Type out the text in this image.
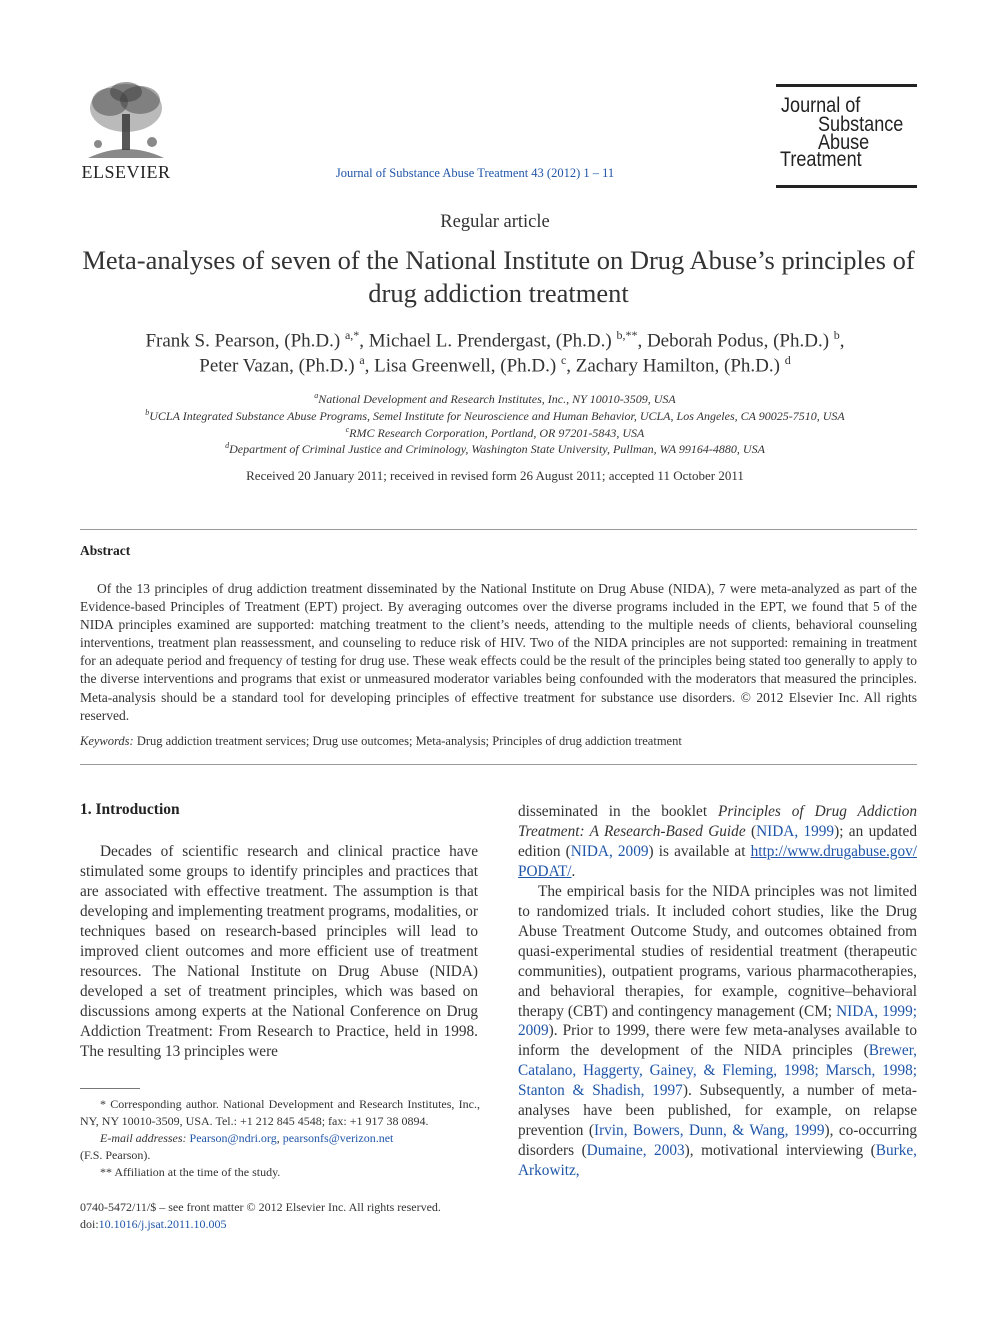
ELSEVIER	Journal of Substance Abuse Treatment 43 (2012) 1 – 11
Journal of
Substance
Abuse
Treatment
Regular article
Meta-analyses of seven of the National Institute on Drug Abuse’s principles of drug addiction treatment
Frank S. Pearson, (Ph.D.) $^{a,*}$, Michael L. Prendergast, (Ph.D.) $^{b,**}$, Deborah Podus, (Ph.D.) $^b$,
Peter Vazan, (Ph.D.) $^a$, Lisa Greenwell, (Ph.D.) $^c$, Zachary Hamilton, (Ph.D.) $^d$
$^a$National Development and Research Institutes, Inc., NY 10010-3509, USA
$^b$UCLA Integrated Substance Abuse Programs, Semel Institute for Neuroscience and Human Behavior, UCLA, Los Angeles, CA 90025-7510, USA
$^c$RMC Research Corporation, Portland, OR 97201-5843, USA
$^d$Department of Criminal Justice and Criminology, Washington State University, Pullman, WA 99164-4880, USA
Received 20 January 2011; received in revised form 26 August 2011; accepted 11 October 2011
Abstract
Of the 13 principles of drug addiction treatment disseminated by the National Institute on Drug Abuse (NIDA), 7 were meta-analyzed as part of the Evidence-based Principles of Treatment (EPT) project. By averaging outcomes over the diverse programs included in the EPT, we found that 5 of the NIDA principles examined are supported: matching treatment to the client’s needs, attending to the multiple needs of clients, behavioral counseling interventions, treatment plan reassessment, and counseling to reduce risk of HIV. Two of the NIDA principles are not supported: remaining in treatment for an adequate period and frequency of testing for drug use. These weak effects could be the result of the principles being stated too generally to apply to the diverse interventions and programs that exist or unmeasured moderator variables being confounded with the moderators that measured the principles. Meta-analysis should be a standard tool for developing principles of effective treatment for substance use disorders. © 2012 Elsevier Inc. All rights reserved.
Keywords: Drug addiction treatment services; Drug use outcomes; Meta-analysis; Principles of drug addiction treatment
1. Introduction

Decades of scientific research and clinical practice have stimulated some groups to identify principles and practices that are associated with effective treatment. The assumption is that developing and implementing treatment programs, modalities, or techniques based on research-based principles will lead to improved client outcomes and more efficient use of treatment resources. The National Institute on Drug Abuse (NIDA) developed a set of treatment principles, which was based on discussions among experts at the National Conference on Drug Addiction Treatment: From Research to Practice, held in 1998. The resulting 13 principles were

* Corresponding author. National Development and Research Institutes, Inc., NY, NY 10010-3509, USA. Tel.: +1 212 845 4548; fax: +1 917 38 0894.

E-mail addresses: Pearson@ndri.org, pearsonfs@verizon.net

(F.S. Pearson).

** Affiliation at the time of the study.

0740-5472/11/$ – see front matter © 2012 Elsevier Inc. All rights reserved.
doi:10.1016/j.jsat.2011.10.005

disseminated in the booklet Principles of Drug Addiction Treatment: A Research-Based Guide (NIDA, 1999); an updated edition (NIDA, 2009) is available at http://www.drugabuse.gov/PODAT/.

The empirical basis for the NIDA principles was not limited to randomized trials. It included cohort studies, like the Drug Abuse Treatment Outcome Study, and outcomes obtained from quasi-experimental studies of residential treatment (therapeutic communities), outpatient programs, various pharmacotherapies, and behavioral therapies, for example, cognitive–behavioral therapy (CBT) and contingency management (CM; NIDA, 1999; 2009). Prior to 1999, there were few meta-analyses available to inform the development of the NIDA principles (Brewer, Catalano, Haggerty, Gainey, & Fleming, 1998; Marsch, 1998; Stanton & Shadish, 1997). Subsequently, a number of meta-analyses have been published, for example, on relapse prevention (Irvin, Bowers, Dunn, & Wang, 1999), co-occurring disorders (Dumaine, 2003), motivational interviewing (Burke, Arkowitz,
